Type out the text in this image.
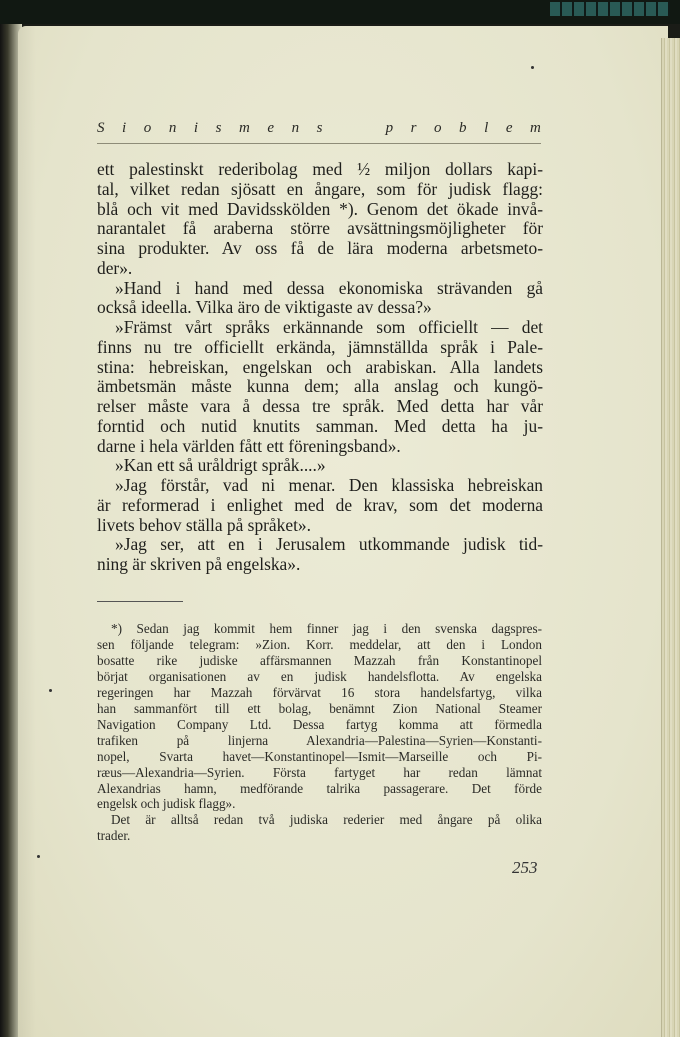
S i o n i s m e n s	p r o b l e m
ett palestinskt rederibolag med ½ miljon dollars kapi-
tal, vilket redan sjösatt en ångare, som för judisk flagg:
blå och vit med Davidsskölden *). Genom det ökade invå-
narantalet få araberna större avsättningsmöjligheter för
sina produkter. Av oss få de lära moderna arbetsmeto-
der».
»Hand i hand med dessa ekonomiska strävanden gå
också ideella. Vilka äro de viktigaste av dessa?»
»Främst vårt språks erkännande som officiellt — det
finns nu tre officiellt erkända, jämnställda språk i Pale-
stina: hebreiskan, engelskan och arabiskan. Alla landets
ämbetsmän måste kunna dem; alla anslag och kungö-
relser måste vara å dessa tre språk. Med detta har vår
forntid och nutid knutits samman. Med detta ha ju-
darne i hela världen fått ett föreningsband».
»Kan ett så uråldrigt språk....»
»Jag förstår, vad ni menar. Den klassiska hebreiskan
är reformerad i enlighet med de krav, som det moderna
livets behov ställa på språket».
»Jag ser, att en i Jerusalem utkommande judisk tid-
ning är skriven på engelska».
*) Sedan jag kommit hem finner jag i den svenska dagspres-
sen följande telegram: »Zion. Korr. meddelar, att den i London
bosatte rike judiske affärsmannen Mazzah från Konstantinopel
börjat organisationen av en judisk handelsflotta. Av engelska
regeringen har Mazzah förvärvat 16 stora handelsfartyg, vilka
han sammanfört till ett bolag, benämnt Zion National Steamer
Navigation Company Ltd. Dessa fartyg komma att förmedla
trafiken på linjerna Alexandria—Palestina—Syrien—Konstanti-
nopel, Svarta havet—Konstantinopel—Ismit—Marseille och Pi-
ræus—Alexandria—Syrien. Första fartyget har redan lämnat
Alexandrias hamn, medförande talrika passagerare. Det förde
engelsk och judisk flagg».
Det är alltså redan två judiska rederier med ångare på olika
trader.
253
